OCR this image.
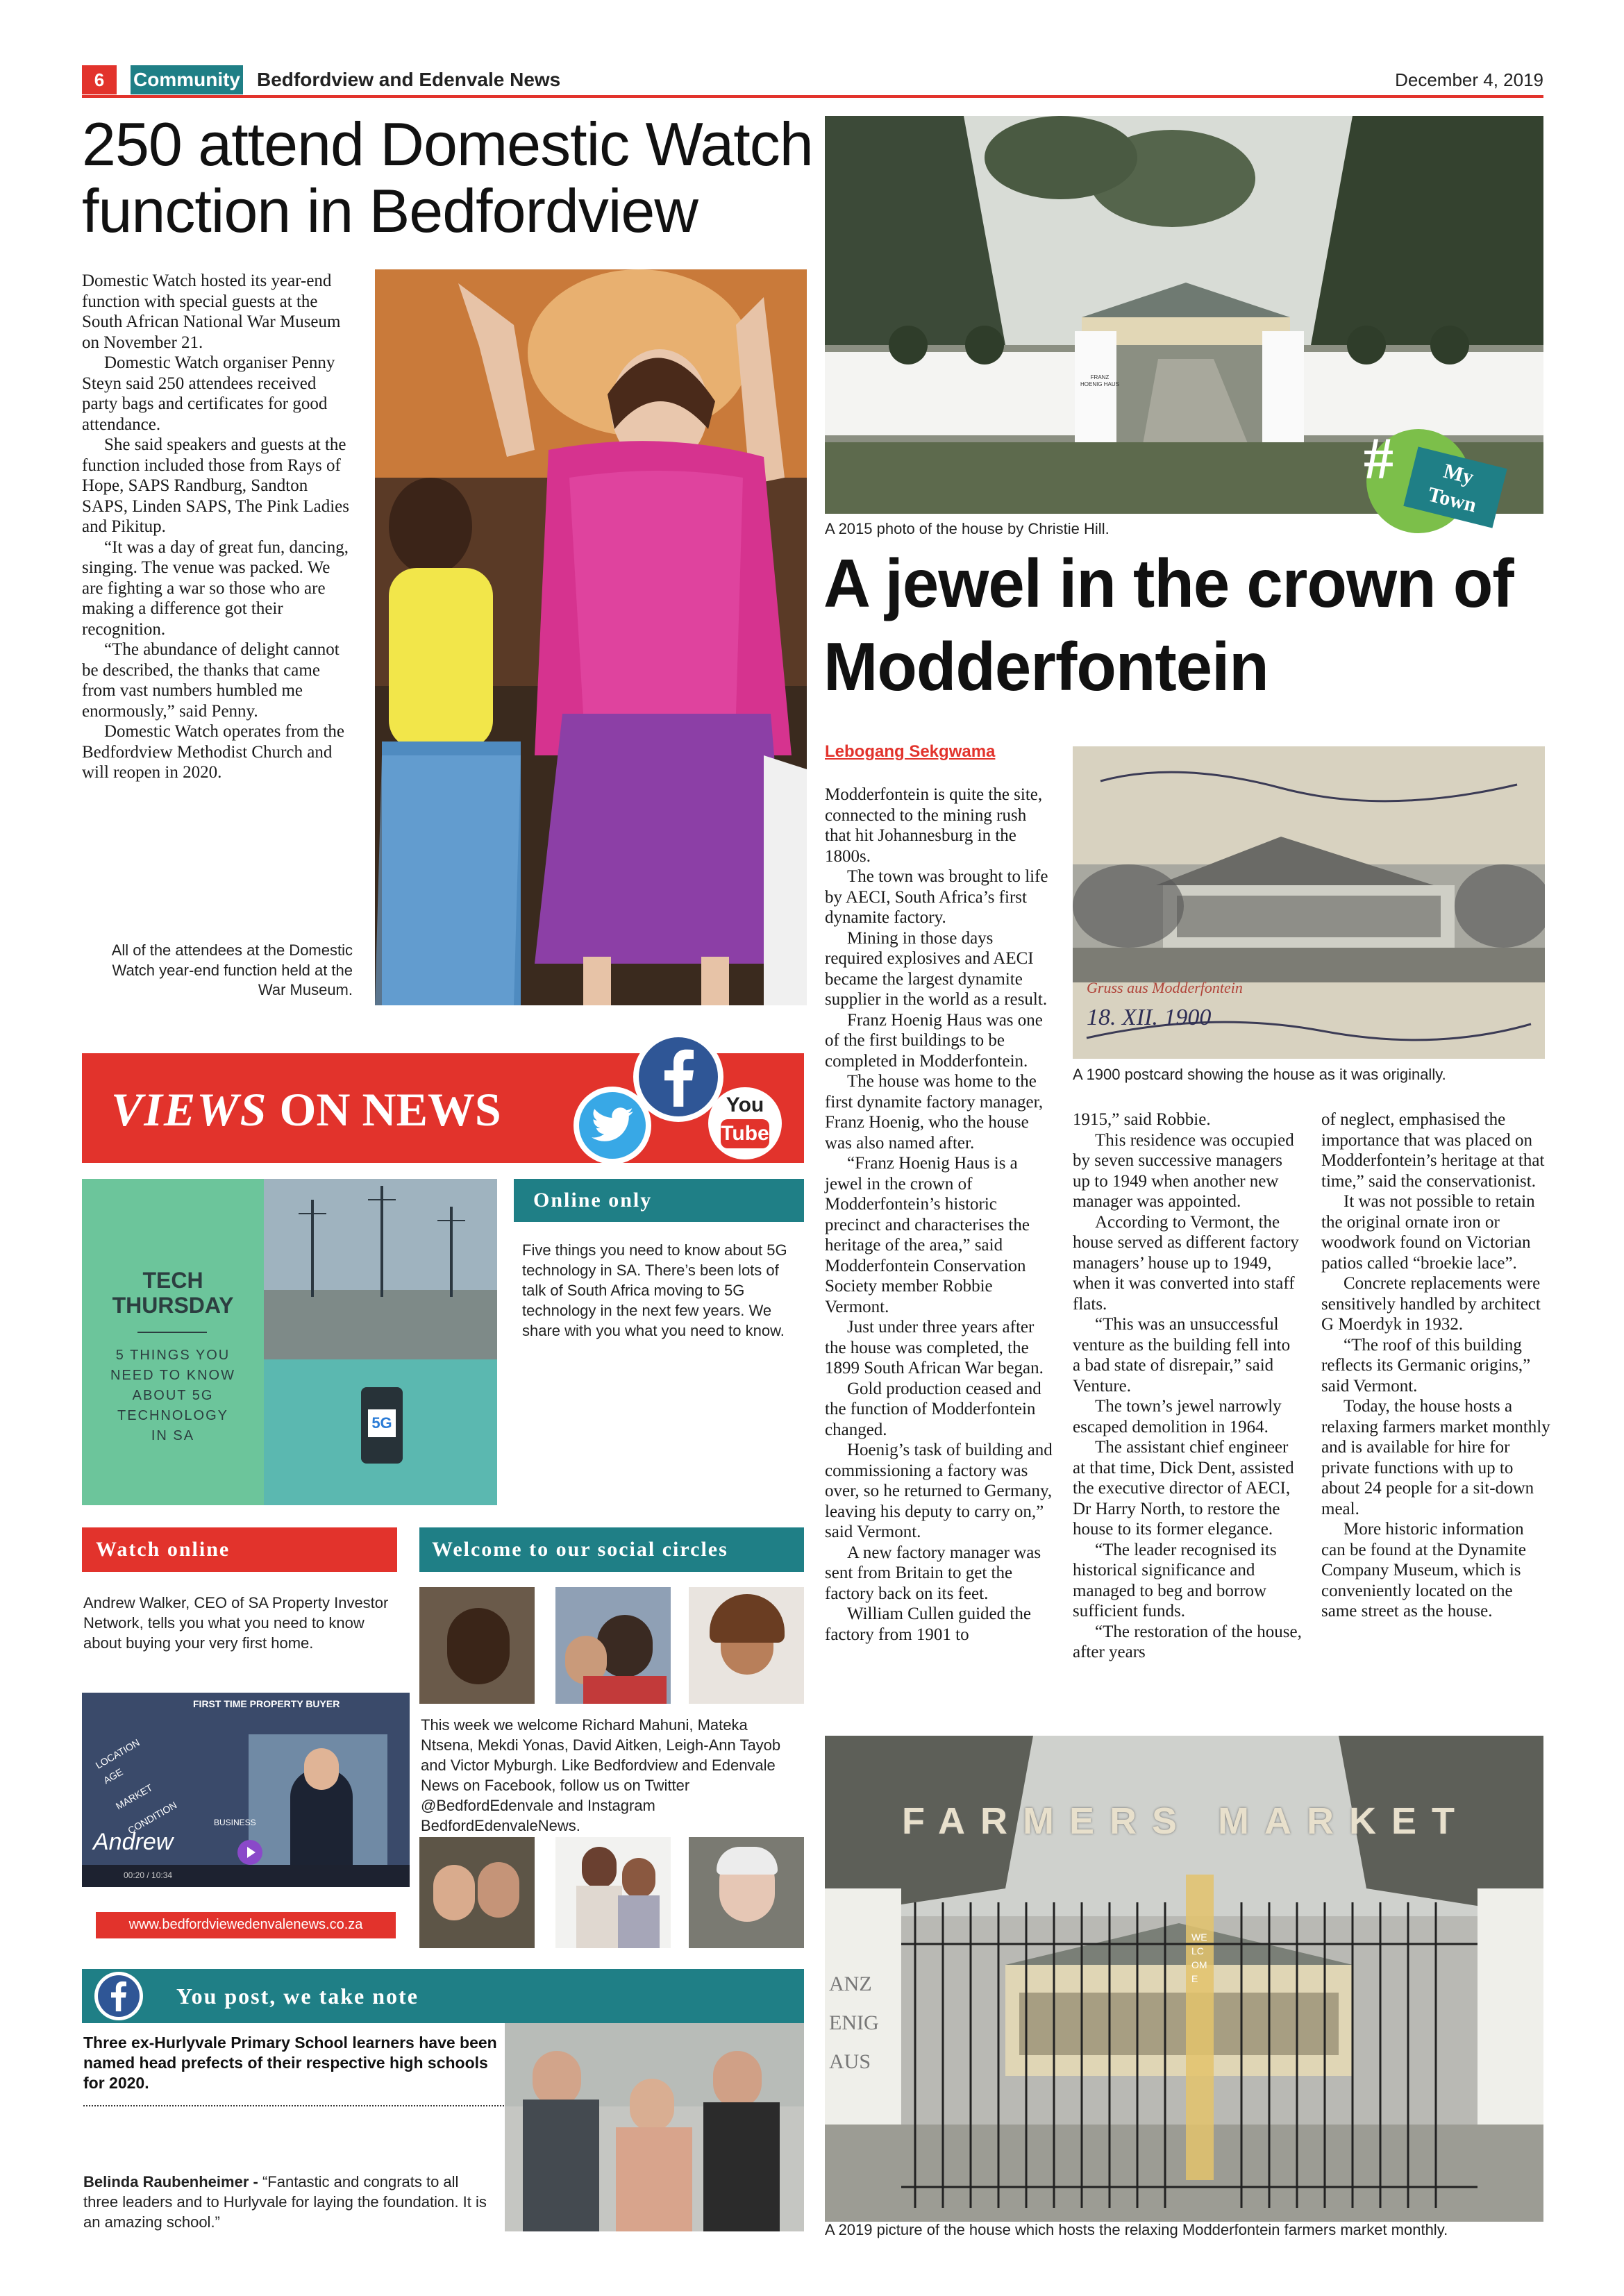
6	Community Bedfordview and Edenvale News	December 4, 2019
250 attend Domestic Watch function in Bedfordview

Domestic Watch hosted its year-end function with special guests at the South African National War Museum on November 21.

Domestic Watch organiser Penny Steyn said 250 attendees received party bags and certificates for good attendance.

She said speakers and guests at the function included those from Rays of Hope, SAPS Randburg, Sandton SAPS, Linden SAPS, The Pink Ladies and Pikitup.

“It was a day of great fun, dancing, singing. The venue was packed. We are fighting a war so those who are making a difference got their recognition.

“The abundance of delight cannot be described, the thanks that came from vast numbers humbled me enormously,” said Penny.

Domestic Watch operates from the Bedfordview Methodist Church and will reopen in 2020.

All of the attendees at the Domestic Watch year-end function held at the War Museum.
FRANZ HOENIG HAUS
#	My Town
A 2015 photo of the house by Christie Hill.
A jewel in the crown of Modderfontein
Lebogang Sekgwama
Gruss aus Modderfontein
18. XII. 1900
A 1900 postcard showing the house as it was originally.

Modderfontein is quite the site, connected to the mining rush that hit Johannesburg in the 1800s.

The town was brought to life by AECI, South Africa’s first dynamite factory.

Mining in those days required explosives and AECI became the largest dynamite supplier in the world as a result.

Franz Hoenig Haus was one of the first buildings to be completed in Modderfontein.

The house was home to the first dynamite factory manager, Franz Hoenig, who the house was also named after.

“Franz Hoenig Haus is a jewel in the crown of Modderfontein’s historic precinct and characterises the heritage of the area,” said Modderfontein Conservation Society member Robbie Vermont.

Just under three years after the house was completed, the 1899 South African War began.

Gold production ceased and the function of Modderfontein changed.

Hoenig’s task of building and commissioning a factory was over, so he returned to Germany, leaving his deputy to carry on,” said Vermont.

A new factory manager was sent from Britain to get the factory back on its feet.

William Cullen guided the factory from 1901 to

1915,” said Robbie.

This residence was occupied by seven successive managers up to 1949 when another new manager was appointed.

According to Vermont, the house served as different factory managers’ house up to 1949, when it was converted into staff flats.

“This was an unsuccessful venture as the building fell into a bad state of disrepair,” said Venture.

The town’s jewel narrowly escaped demolition in 1964.

The assistant chief engineer at that time, Dick Dent, assisted the executive director of AECI, Dr Harry North, to restore the house to its former elegance.

“The leader recognised its historical significance and managed to beg and borrow sufficient funds.

“The restoration of the house, after years

of neglect, emphasised the importance that was placed on Modderfontein’s heritage at that time,” said the conservationist.

It was not possible to retain the original ornate iron or woodwork found on Victorian patios called “broekie lace”.

Concrete replacements were sensitively handled by architect G Moerdyk in 1932.

“The roof of this building reflects its Germanic origins,” said Vermont.

Today, the house hosts a relaxing farmers market monthly and is available for hire for private functions with up to about 24 people for a sit-down meal.

More historic information can be found at the Dynamite Company Museum, which is conveniently located on the same street as the house.

FARMERS MARKET
ANZ ENIG AUS
WELCOME
A 2019 picture of the house which hosts the relaxing Modderfontein farmers market monthly.
VIEWS ON NEWS	You
Tube
TECH
THURSDAY
5 THINGS YOU NEED TO KNOW ABOUT 5G TECHNOLOGY IN SA
5G
Online only
Five things you need to know about 5G technology in SA. There’s been lots of talk of South Africa moving to 5G technology in the next few years. We share with you what you need to know.
Watch online
Andrew Walker, CEO of SA Property Investor Network, tells you what you need to know about buying your very first home.
FIRST TIME PROPERTY BUYER
LOCATION
AGE
MARKET
CONDITION	BUSINESS
Andrew
00:20 / 10:34
www.bedfordviewedenvalenews.co.za
Welcome to our social circles
This week we welcome Richard Mahuni, Mateka Ntsena, Mekdi Yonas, David Aitken, Leigh-Ann Tayob and Victor Myburgh. Like Bedfordview and Edenvale News on Facebook, follow us on Twitter @BedfordEdenvale and Instagram BedfordEdenvaleNews.
You post, we take note
Three ex-Hurlyvale Primary School learners have been named head prefects of their respective high schools for 2020.
Belinda Raubenheimer - “Fantastic and congrats to all three leaders and to Hurlyvale for laying the foundation. It is an amazing school.”
